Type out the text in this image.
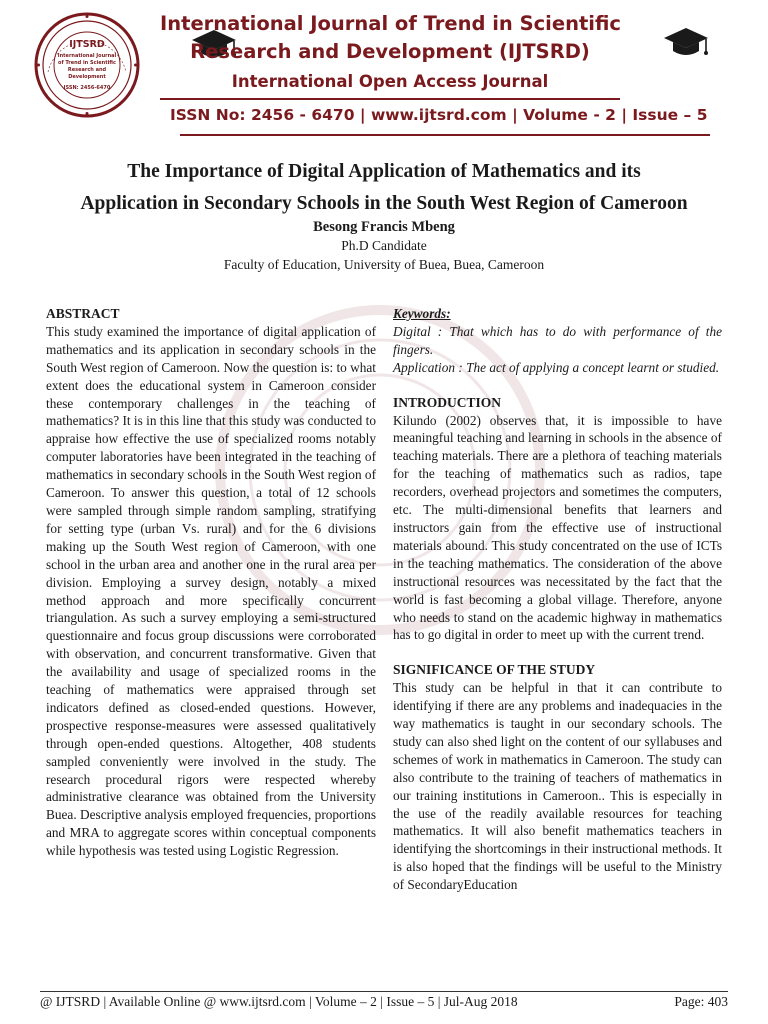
IJTSRD
International Journal
of Trend in Scientific
Research and
Development
ISSN: 2456-6470
International Journal of Trend in Scientific
Research and Development (IJTSRD)
International Open Access Journal
ISSN No: 2456 - 6470 | www.ijtsrd.com | Volume - 2 | Issue – 5
The Importance of Digital Application of Mathematics and its
Application in Secondary Schools in the South West Region of Cameroon
Besong Francis Mbeng
Ph.D Candidate
Faculty of Education, University of Buea, Buea, Cameroon
ABSTRACT

This study examined the importance of digital application of mathematics and its application in secondary schools in the South West region of Cameroon. Now the question is: to what extent does the educational system in Cameroon consider these contemporary challenges in the teaching of mathematics? It is in this line that this study was conducted to appraise how effective the use of specialized rooms notably computer laboratories have been integrated in the teaching of mathematics in secondary schools in the South West region of Cameroon. To answer this question, a total of 12 schools were sampled through simple random sampling, stratifying for setting type (urban Vs. rural) and for the 6 divisions making up the South West region of Cameroon, with one school in the urban area and another one in the rural area per division. Employing a survey design, notably a mixed method approach and more specifically concurrent triangulation. As such a survey employing a semi-structured questionnaire and focus group discussions were corroborated with observation, and concurrent transformative. Given that the availability and usage of specialized rooms in the teaching of mathematics were appraised through set indicators defined as closed-ended questions. However, prospective response-measures were assessed qualitatively through open-ended questions. Altogether, 408 students sampled conveniently were involved in the study. The research procedural rigors were respected whereby administrative clearance was obtained from the University Buea. Descriptive analysis employed frequencies, proportions and MRA to aggregate scores within conceptual components while hypothesis was tested using Logistic Regression.

Keywords:

Digital : That which has to do with performance of the fingers.

Application : The act of applying a concept learnt or studied.

INTRODUCTION

Kilundo (2002) observes that, it is impossible to have meaningful teaching and learning in schools in the absence of teaching materials. There are a plethora of teaching materials for the teaching of mathematics such as radios, tape recorders, overhead projectors and sometimes the computers, etc. The multi-dimensional benefits that learners and instructors gain from the effective use of instructional materials abound. This study concentrated on the use of ICTs in the teaching mathematics. The consideration of the above instructional resources was necessitated by the fact that the world is fast becoming a global village. Therefore, anyone who needs to stand on the academic highway in mathematics has to go digital in order to meet up with the current trend.

SIGNIFICANCE OF THE STUDY

This study can be helpful in that it can contribute to identifying if there are any problems and inadequacies in the way mathematics is taught in our secondary schools. The study can also shed light on the content of our syllabuses and schemes of work in mathematics in Cameroon. The study can also contribute to the training of teachers of mathematics in our training institutions in Cameroon.. This is especially in the use of the readily available resources for teaching mathematics. It will also benefit mathematics teachers in identifying the shortcomings in their instructional methods. It is also hoped that the findings will be useful to the Ministry of SecondaryEducation

@ IJTSRD | Available Online @ www.ijtsrd.com | Volume – 2 | Issue – 5 | Jul-Aug 2018	Page: 403
